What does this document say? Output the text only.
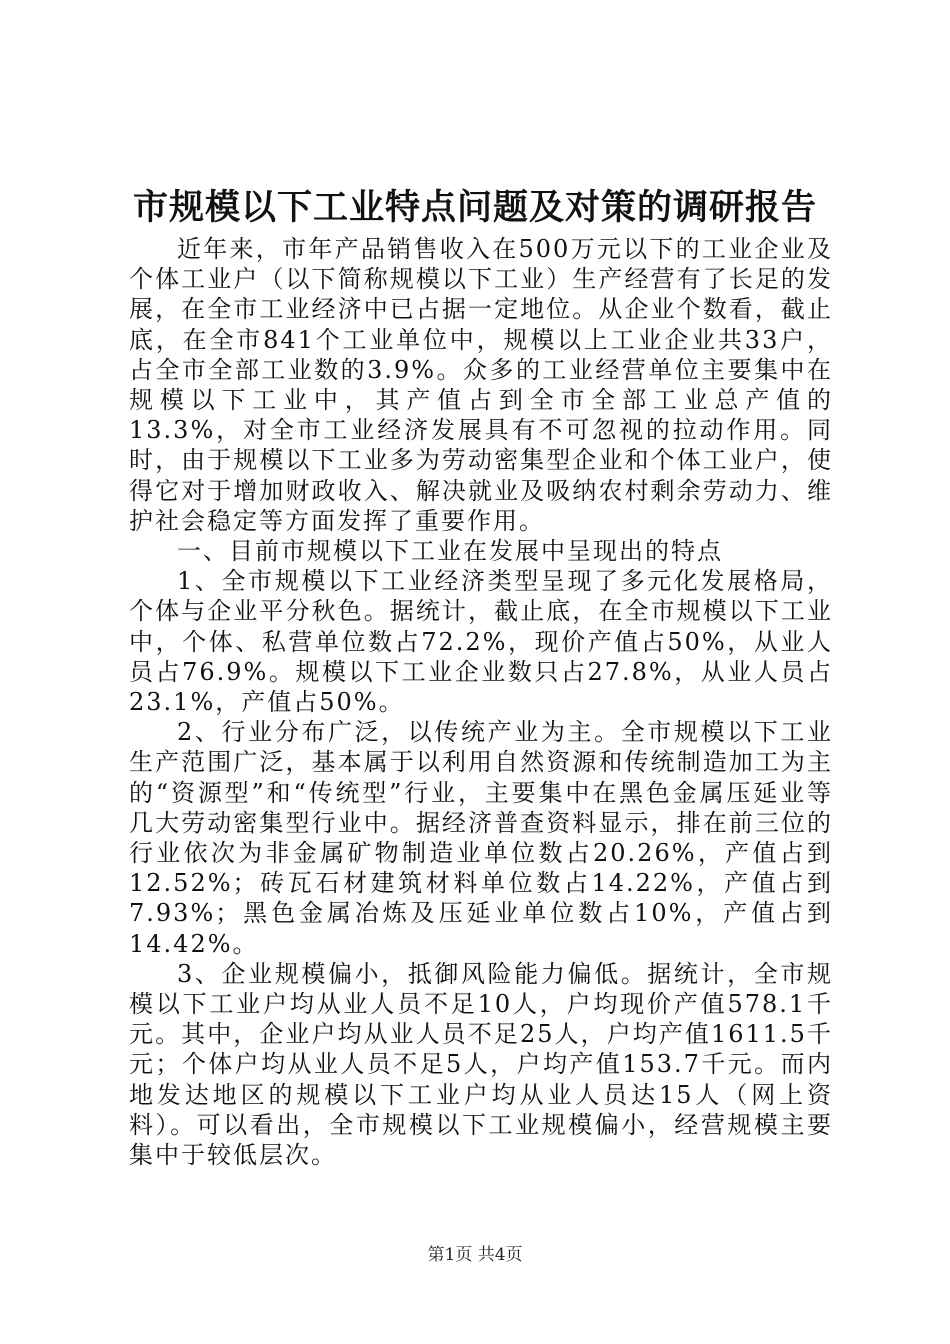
市规模以下工业特点问题及对策的调研报告

近年来，市年产品销售收入在500万元以下的工业企业及个体工业户（以下简称规模以下工业）生产经营有了长足的发展，在全市工业经济中已占据一定地位。从企业个数看，截止底，在全市841个工业单位中，规模以上工业企业共33户，占全市全部工业数的3.9%。众多的工业经营单位主要集中在规模以下工业中，其产值占到全市全部工业总产值的13.3%，对全市工业经济发展具有不可忽视的拉动作用。同时，由于规模以下工业多为劳动密集型企业和个体工业户，使得它对于增加财政收入、解决就业及吸纳农村剩余劳动力、维护社会稳定等方面发挥了重要作用。

一、目前市规模以下工业在发展中呈现出的特点

1、全市规模以下工业经济类型呈现了多元化发展格局，个体与企业平分秋色。据统计，截止底，在全市规模以下工业中，个体、私营单位数占72.2%，现价产值占50%，从业人员占76.9%。规模以下工业企业数只占27.8%，从业人员占23.1%，产值占50%。

2、行业分布广泛，以传统产业为主。全市规模以下工业生产范围广泛，基本属于以利用自然资源和传统制造加工为主的“资源型”和“传统型”行业，主要集中在黑色金属压延业等几大劳动密集型行业中。据经济普查资料显示，排在前三位的行业依次为非金属矿物制造业单位数占20.26%，产值占到12.52%；砖瓦石材建筑材料单位数占14.22%，产值占到7.93%；黑色金属冶炼及压延业单位数占10%，产值占到14.42%。

3、企业规模偏小，抵御风险能力偏低。据统计，全市规模以下工业户均从业人员不足10人，户均现价产值578.1千元。其中，企业户均从业人员不足25人，户均产值1611.5千元；个体户均从业人员不足5人，户均产值153.7千元。而内地发达地区的规模以下工业户均从业人员达15人（网上资料）。可以看出，全市规模以下工业规模偏小，经营规模主要集中于较低层次。

第1页 共4页
